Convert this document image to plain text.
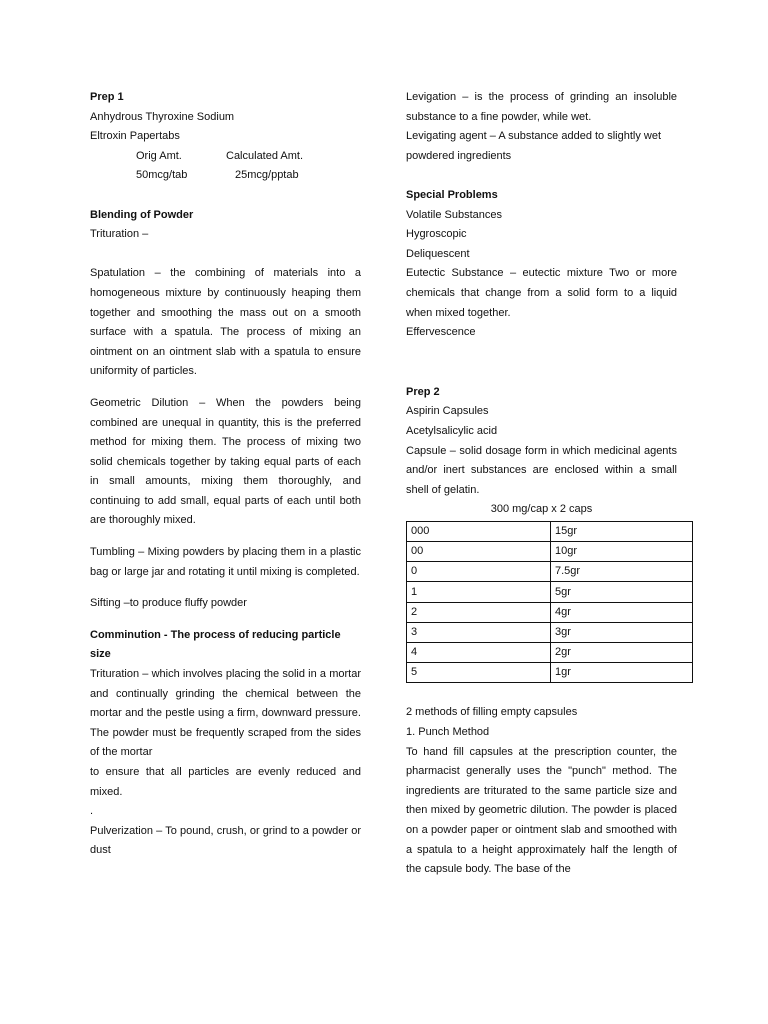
Prep 1

Anhydrous Thyroxine Sodium

Eltroxin Papertabs

Orig Amt.	Calculated Amt.
50mcg/tab	25mcg/pptab

Blending of Powder

Trituration –

Spatulation – the combining of materials into a homogeneous mixture by continuously heaping them together and smoothing the mass out on a smooth surface with a spatula. The process of mixing an ointment on an ointment slab with a spatula to ensure uniformity of particles.

Geometric Dilution – When the powders being combined are unequal in quantity, this is the preferred method for mixing them. The process of mixing two solid chemicals together by taking equal parts of each in small amounts, mixing them thoroughly, and continuing to add small, equal parts of each until both are thoroughly mixed.

Tumbling – Mixing powders by placing them in a plastic bag or large jar and rotating it until mixing is completed.

Sifting –to produce fluffy powder

Comminution - The process of reducing particle size

Trituration – which involves placing the solid in a mortar and continually grinding the chemical between the mortar and the pestle using a firm, downward pressure. The powder must be frequently scraped from the sides of the mortar

to ensure that all particles are evenly reduced and mixed.

.

Pulverization – To pound, crush, or grind to a powder or dust

Levigation – is the process of grinding an insoluble substance to a fine powder, while wet.

Levigating agent – A substance added to slightly wet powdered ingredients

Special Problems

Volatile Substances

Hygroscopic

Deliquescent

Eutectic Substance – eutectic mixture Two or more chemicals that change from a solid form to a liquid when mixed together.

Effervescence

Prep 2

Aspirin Capsules

Acetylsalicylic acid

Capsule – solid dosage form in which medicinal agents and/or inert substances are enclosed within a small shell of gelatin.

300 mg/cap x 2 caps

000	15gr
00	10gr
0	7.5gr
1	5gr
2	4gr
3	3gr
4	2gr
5	1gr

2 methods of filling empty capsules

1. Punch Method

To hand fill capsules at the prescription counter, the pharmacist generally uses the "punch" method. The ingredients are triturated to the same particle size and then mixed by geometric dilution. The powder is placed on a powder paper or ointment slab and smoothed with a spatula to a height approximately half the length of the capsule body. The base of the
